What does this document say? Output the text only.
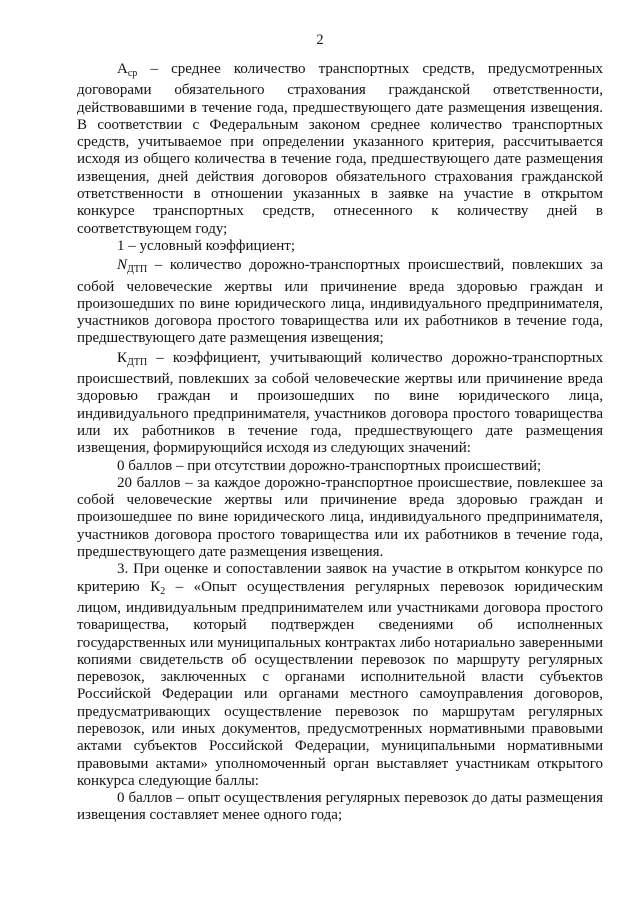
2

$A_{ср}$ – среднее количество транспортных средств, предусмотренных договорами обязательного страхования гражданской ответственности, действовавшими в течение года, предшествующего дате размещения извещения. В соответствии с Федеральным законом среднее количество транспортных средств, учитываемое при определении указанного критерия, рассчитывается исходя из общего количества в течение года, предшествующего дате размещения извещения, дней действия договоров обязательного страхования гражданской ответственности в отношении указанных в заявке на участие в открытом конкурсе транспортных средств, отнесенного к количеству дней в соответствующем году;

1 – условный коэффициент;

$N_{ДТП}$ – количество дорожно-транспортных происшествий, повлекших за собой человеческие жертвы или причинение вреда здоровью граждан и произошедших по вине юридического лица, индивидуального предпринимателя, участников договора простого товарищества или их работников в течение года, предшествующего дате размещения извещения;

$К_{ДТП}$ – коэффициент, учитывающий количество дорожно-транспортных происшествий, повлекших за собой человеческие жертвы или причинение вреда здоровью граждан и произошедших по вине юридического лица, индивидуального предпринимателя, участников договора простого товарищества или их работников в течение года, предшествующего дате размещения извещения, формирующийся исходя из следующих значений:

0 баллов – при отсутствии дорожно-транспортных происшествий;

20 баллов – за каждое дорожно-транспортное происшествие, повлекшее за собой человеческие жертвы или причинение вреда здоровью граждан и произошедшее по вине юридического лица, индивидуального предпринимателя, участников договора простого товарищества или их работников в течение года, предшествующего дате размещения извещения.

3. При оценке и сопоставлении заявок на участие в открытом конкурсе по критерию $К_2$ – «Опыт осуществления регулярных перевозок юридическим лицом, индивидуальным предпринимателем или участниками договора простого товарищества, который подтвержден сведениями об исполненных государственных или муниципальных контрактах либо нотариально заверенными копиями свидетельств об осуществлении перевозок по маршруту регулярных перевозок, заключенных с органами исполнительной власти субъектов Российской Федерации или органами местного самоуправления договоров, предусматривающих осуществление перевозок по маршрутам регулярных перевозок, или иных документов, предусмотренных нормативными правовыми актами субъектов Российской Федерации, муниципальными нормативными правовыми актами» уполномоченный орган выставляет участникам открытого конкурса следующие баллы:

0 баллов – опыт осуществления регулярных перевозок до даты размещения извещения составляет менее одного года;
